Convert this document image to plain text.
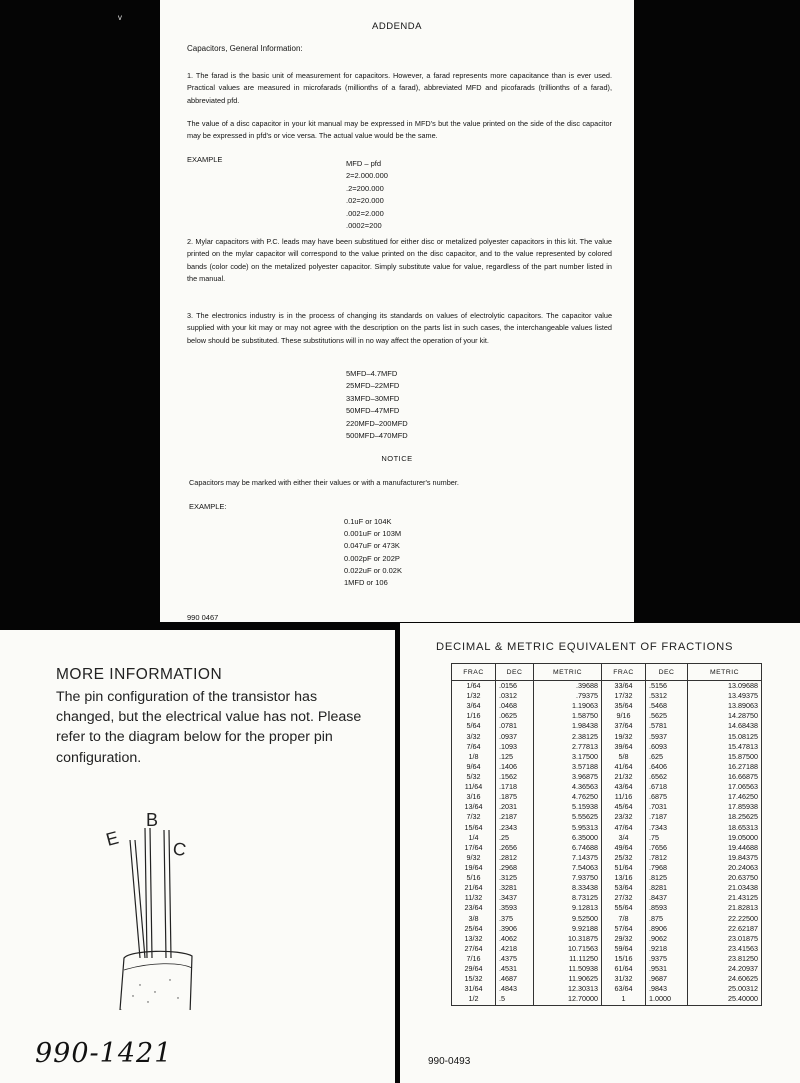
ᵛ
ADDENDA
Capacitors, General Information:

1. The farad is the basic unit of measurement for capacitors. However, a farad represents more capacitance than is ever used. Practical values are measured in microfarads (millionths of a farad), abbreviated MFD and picofarads (trillionths of a farad), abbreviated pfd.

The value of a disc capacitor in your kit manual may be expressed in MFD's but the value printed on the side of the disc capacitor may be expressed in pfd's or vice versa. The actual value would be the same.

EXAMPLE	MFD – pfd
2=2.000.000
.2=200.000
.02=20.000
.002=2.000
.0002=200

2. Mylar capacitors with P.C. leads may have been substitued for either disc or metalized polyester capacitors in this kit. The value printed on the mylar capacitor will correspond to the value printed on the disc capacitor, and to the value represented by colored bands (color code) on the metalized polyester capacitor. Simply substitute value for value, regardless of the part number listed in the manual.

3. The electronics industry is in the process of changing its standards on values of electrolytic capacitors. The capacitor value supplied with your kit may or may not agree with the description on the parts list in such cases, the interchangeable values listed below should be substituted. These substitutions will in no way affect the operation of your kit.

5MFD–4.7MFD
25MFD–22MFD
33MFD–30MFD
50MFD–47MFD
220MFD–200MFD
500MFD–470MFD
NOTICE
Capacitors may be marked with either their values or with a manufacturer's number.
EXAMPLE:
0.1uF or 104K
0.001uF or 103M
0.047uF or 473K
0.002pF or 202P
0.022uF or 0.02K
1MFD or 106
990 0467
MORE INFORMATION

The pin configuration of the transistor has changed, but the electrical value has not. Please refer to the diagram below for the proper pin configuration.

E
B
C
990-1421
DECIMAL & METRIC EQUIVALENT OF FRACTIONS
FRAC	DEC	METRIC	FRAC	DEC	METRIC
1/64	.0156	.39688	33/64	.5156	13.09688
1/32	.0312	.79375	17/32	.5312	13.49375
3/64	.0468	1.19063	35/64	.5468	13.89063
1/16	.0625	1.58750	9/16	.5625	14.28750
5/64	.0781	1.98438	37/64	.5781	14.68438
3/32	.0937	2.38125	19/32	.5937	15.08125
7/64	.1093	2.77813	39/64	.6093	15.47813
1/8	.125	3.17500	5/8	.625	15.87500
9/64	.1406	3.57188	41/64	.6406	16.27188
5/32	.1562	3.96875	21/32	.6562	16.66875
11/64	.1718	4.36563	43/64	.6718	17.06563
3/16	.1875	4.76250	11/16	.6875	17.46250
13/64	.2031	5.15938	45/64	.7031	17.85938
7/32	.2187	5.55625	23/32	.7187	18.25625
15/64	.2343	5.95313	47/64	.7343	18.65313
1/4	.25	6.35000	3/4	.75	19.05000
17/64	.2656	6.74688	49/64	.7656	19.44688
9/32	.2812	7.14375	25/32	.7812	19.84375
19/64	.2968	7.54063	51/64	.7968	20.24063
5/16	.3125	7.93750	13/16	.8125	20.63750
21/64	.3281	8.33438	53/64	.8281	21.03438
11/32	.3437	8.73125	27/32	.8437	21.43125
23/64	.3593	9.12813	55/64	.8593	21.82813
3/8	.375	9.52500	7/8	.875	22.22500
25/64	.3906	9.92188	57/64	.8906	22.62187
13/32	.4062	10.31875	29/32	.9062	23.01875
27/64	.4218	10.71563	59/64	.9218	23.41563
7/16	.4375	11.11250	15/16	.9375	23.81250
29/64	.4531	11.50938	61/64	.9531	24.20937
15/32	.4687	11.90625	31/32	.9687	24.60625
31/64	.4843	12.30313	63/64	.9843	25.00312
1/2	.5	12.70000	1	1.0000	25.40000
990-0493
